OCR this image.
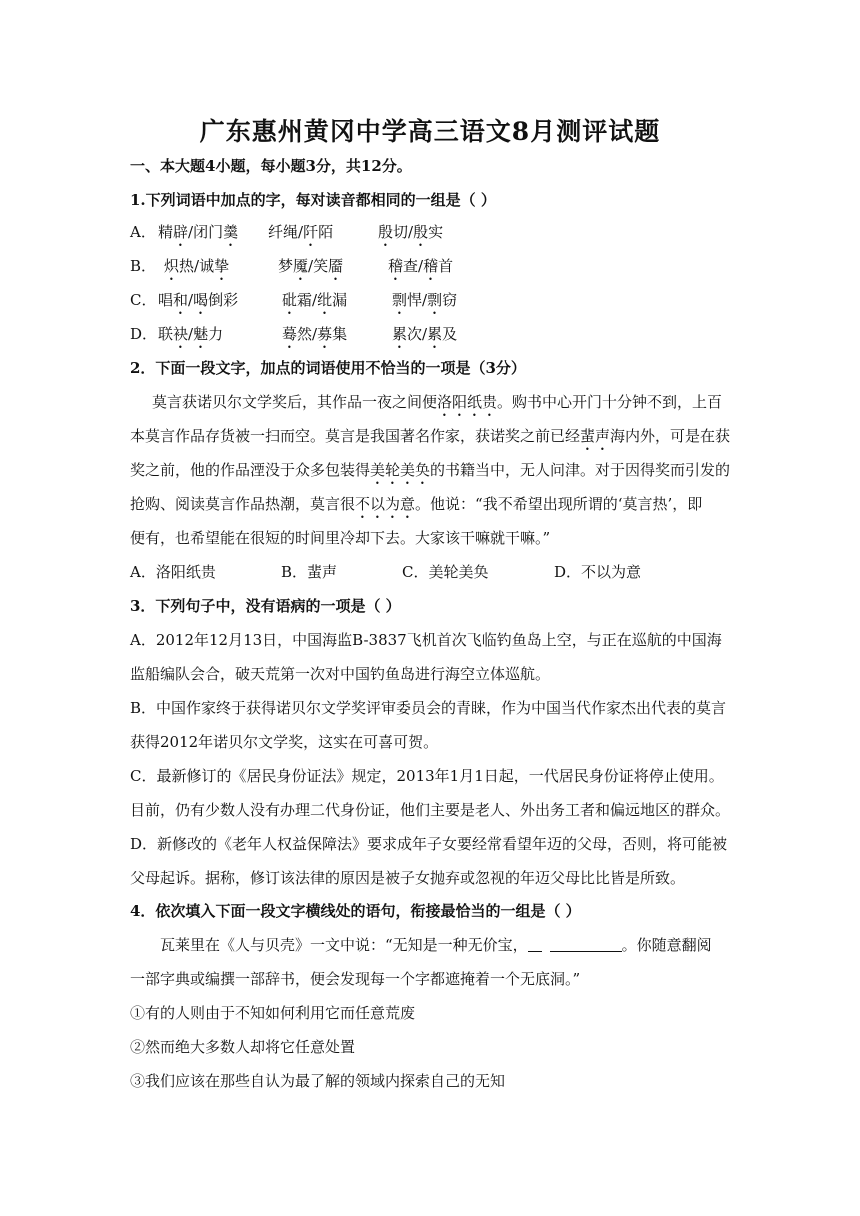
广东惠州黄冈中学高三语文8月测评试题
一、本大题4小题，每小题3分，共12分。
1.下列词语中加点的字，每对读音都相同的一组是（ ）
A． 精辟/闭门羹 纤绳/阡陌	殷切/殷实
B． 炽热/诚挚	梦魇/笑靥	稽查/稽首
C． 唱和/喝倒彩	砒霜/纰漏	剽悍/剽窃
D．联袂/魅力	蓦然/募集	累次/累及
2．下面一段文字，加点的词语使用不恰当的一项是（3分）
莫言获诺贝尔文学奖后，其作品一夜之间便洛阳纸贵。购书中心开门十分钟不到，上百
本莫言作品存货被一扫而空。莫言是我国著名作家，获诺奖之前已经蜚声海内外，可是在获
奖之前，他的作品湮没于众多包装得美轮美奂的书籍当中，无人问津。对于因得奖而引发的
抢购、阅读莫言作品热潮，莫言很不以为意。他说：“我不希望出现所谓的‘莫言热’，即
便有，也希望能在很短的时间里冷却下去。大家该干嘛就干嘛。”
A．洛阳纸贵	B．蜚声	C．美轮美奂	D．不以为意
3．下列句子中，没有语病的一项是（ ）
A．2012年12月13日，中国海监B-3837飞机首次飞临钓鱼岛上空，与正在巡航的中国海
监船编队会合，破天荒第一次对中国钓鱼岛进行海空立体巡航。
B．中国作家终于获得诺贝尔文学奖评审委员会的青睐，作为中国当代作家杰出代表的莫言
获得2012年诺贝尔文学奖，这实在可喜可贺。
C．最新修订的《居民身份证法》规定，2013年1月1日起，一代居民身份证将停止使用。
目前，仍有少数人没有办理二代身份证，他们主要是老人、外出务工者和偏远地区的群众。
D．新修改的《老年人权益保障法》要求成年子女要经常看望年迈的父母，否则，将可能被
父母起诉。据称，修订该法律的原因是被子女抛弃或忽视的年迈父母比比皆是所致。
4．依次填入下面一段文字横线处的语句，衔接最恰当的一组是（ ）
瓦莱里在《人与贝壳》一文中说：“无知是一种无价宝，	。你随意翻阅
一部字典或编撰一部辞书，便会发现每一个字都遮掩着一个无底洞。”
①有的人则由于不知如何利用它而任意荒废
②然而绝大多数人却将它任意处置
③我们应该在那些自认为最了解的领域内探索自己的无知
